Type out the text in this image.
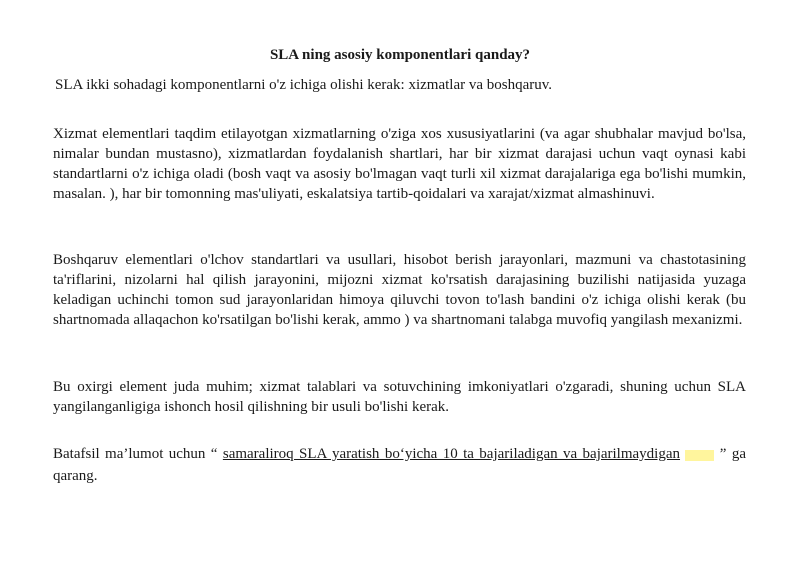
SLA ning asosiy komponentlari qanday?
SLA ikki sohadagi komponentlarni o'z ichiga olishi kerak: xizmatlar va boshqaruv.

Xizmat elementlari taqdim etilayotgan xizmatlarning o'ziga xos xususiyatlarini (va agar shubhalar mavjud bo'lsa, nimalar bundan mustasno), xizmatlardan foydalanish shartlari, har bir xizmat darajasi uchun vaqt oynasi kabi standartlarni o'z ichiga oladi (bosh vaqt va asosiy bo'lmagan vaqt turli xil xizmat darajalariga ega bo'lishi mumkin, masalan. ), har bir tomonning mas'uliyati, eskalatsiya tartib-qoidalari va xarajat/xizmat almashinuvi.

Boshqaruv elementlari o'lchov standartlari va usullari, hisobot berish jarayonlari, mazmuni va chastotasining ta'riflarini, nizolarni hal qilish jarayonini, mijozni xizmat ko'rsatish darajasining buzilishi natijasida yuzaga keladigan uchinchi tomon sud jarayonlaridan himoya qiluvchi tovon to'lash bandini o'z ichiga olishi kerak (bu shartnomada allaqachon ko'rsatilgan bo'lishi kerak, ammo ) va shartnomani talabga muvofiq yangilash mexanizmi.

Bu oxirgi element juda muhim; xizmat talablari va sotuvchining imkoniyatlari o'zgaradi, shuning uchun SLA yangilanganligiga ishonch hosil qilishning bir usuli bo'lishi kerak.

Batafsil ma’lumot uchun “ samaraliroq SLA yaratish bo‘yicha 10 ta bajariladigan va bajarilmaydigan ​​​​​​​​​​​​​​​​​​​​​​​​​​​​​​​​​​​​​​​​​​​​​​​​​​​​​​​​​​​​​​​​​​​​​​​​​​​​​​​​​​​​​​​​​​​​​​​​​​​​​​​​        ” ga qarang.
